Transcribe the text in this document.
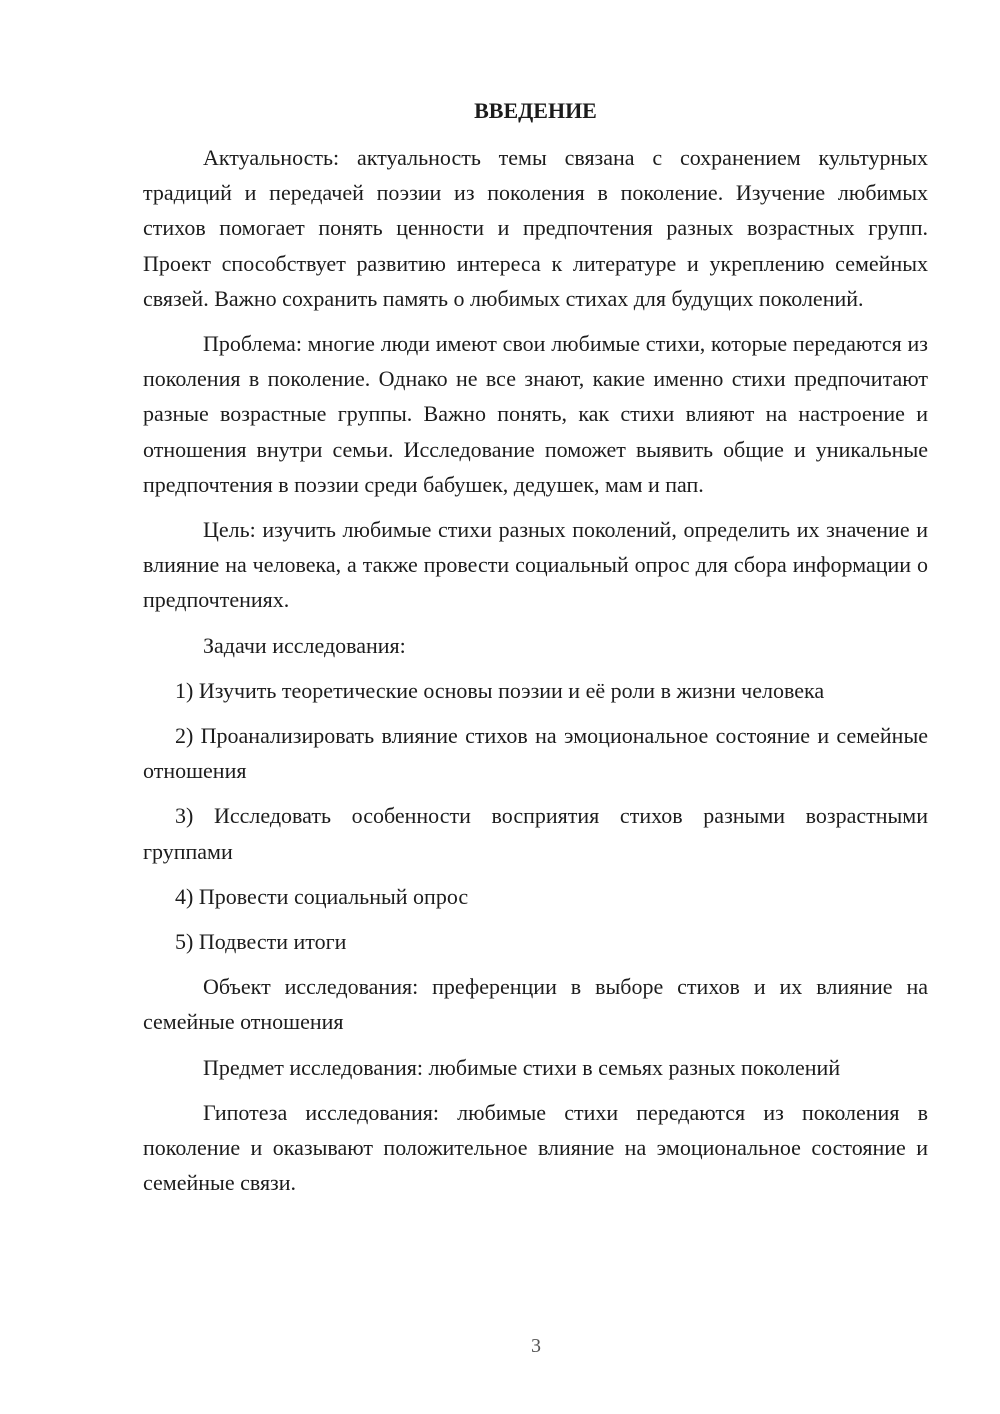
ВВЕДЕНИЕ

Актуальность: актуальность темы связана с сохранением культурных традиций и передачей поэзии из поколения в поколение. Изучение любимых стихов помогает понять ценности и предпочтения разных возрастных групп. Проект способствует развитию интереса к литературе и укреплению семейных связей. Важно сохранить память о любимых стихах для будущих поколений.

Проблема: многие люди имеют свои любимые стихи, которые передаются из поколения в поколение. Однако не все знают, какие именно стихи предпочитают разные возрастные группы. Важно понять, как стихи влияют на настроение и отношения внутри семьи. Исследование поможет выявить общие и уникальные предпочтения в поэзии среди бабушек, дедушек, мам и пап.

Цель: изучить любимые стихи разных поколений, определить их значение и влияние на человека, а также провести социальный опрос для сбора информации о предпочтениях.

Задачи исследования:

1) Изучить теоретические основы поэзии и её роли в жизни человека

2) Проанализировать влияние стихов на эмоциональное состояние и семейные отношения

3) Исследовать особенности восприятия стихов разными возрастными группами

4) Провести социальный опрос

5) Подвести итоги

Объект исследования: преференции в выборе стихов и их влияние на семейные отношения

Предмет исследования: любимые стихи в семьях разных поколений

Гипотеза исследования: любимые стихи передаются из поколения в поколение и оказывают положительное влияние на эмоциональное состояние и семейные связи.

3
